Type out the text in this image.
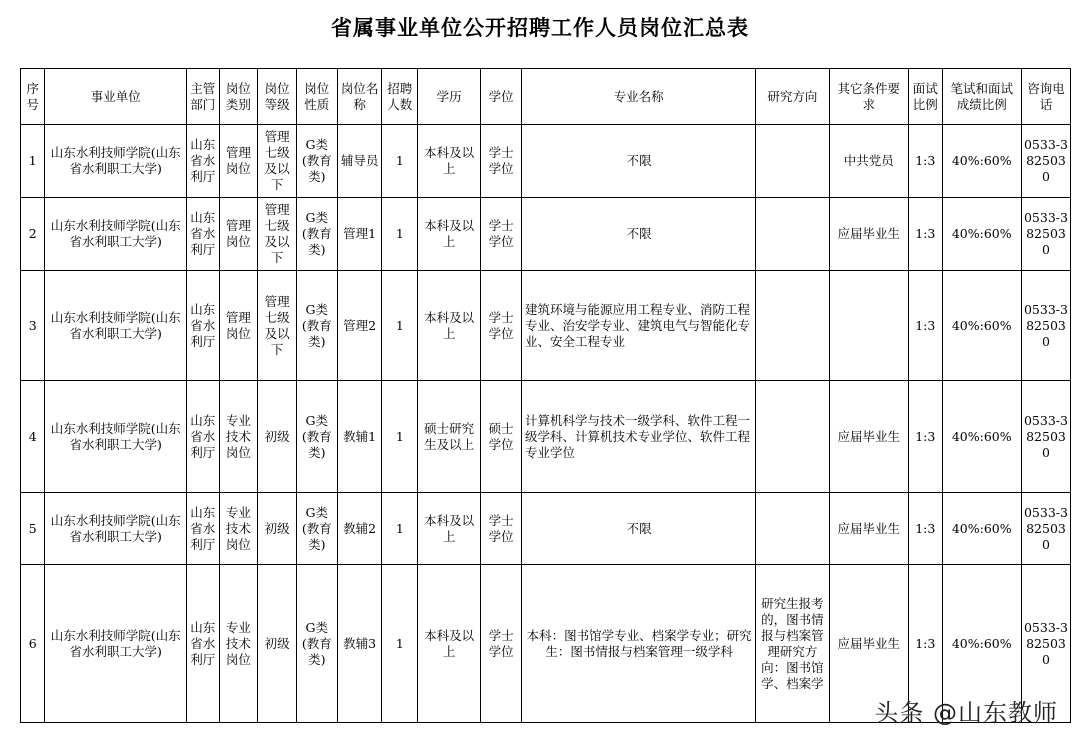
省属事业单位公开招聘工作人员岗位汇总表
序号	事业单位	主管部门	岗位类别	岗位等级	岗位性质	岗位名称	招聘人数	学历	学位	专业名称	研究方向	其它条件要求	面试比例	笔试和面试成绩比例	咨询电话
1	山东水利技师学院(山东省水利职工大学)	山东省水利厅	管理岗位	管理七级及以下	G类(教育类)	辅导员	1	本科及以上	学士学位	不限		中共党员	1:3	40%:60%	0533-3825030
2	山东水利技师学院(山东省水利职工大学)	山东省水利厅	管理岗位	管理七级及以下	G类(教育类)	管理1	1	本科及以上	学士学位	不限		应届毕业生	1:3	40%:60%	0533-3825030
3	山东水利技师学院(山东省水利职工大学)	山东省水利厅	管理岗位	管理七级及以下	G类(教育类)	管理2	1	本科及以上	学士学位	建筑环境与能源应用工程专业、消防工程专业、治安学专业、建筑电气与智能化专业、安全工程专业			1:3	40%:60%	0533-3825030
4	山东水利技师学院(山东省水利职工大学)	山东省水利厅	专业技术岗位	初级	G类(教育类)	教辅1	1	硕士研究生及以上	硕士学位	计算机科学与技术一级学科、软件工程一级学科、计算机技术专业学位、软件工程专业学位		应届毕业生	1:3	40%:60%	0533-3825030
5	山东水利技师学院(山东省水利职工大学)	山东省水利厅	专业技术岗位	初级	G类(教育类)	教辅2	1	本科及以上	学士学位	不限		应届毕业生	1:3	40%:60%	0533-3825030
6	山东水利技师学院(山东省水利职工大学)	山东省水利厅	专业技术岗位	初级	G类(教育类)	教辅3	1	本科及以上	学士学位	本科：图书馆学专业、档案学专业；研究生：图书情报与档案管理一级学科	研究生报考的，图书情报与档案管理研究方向：图书馆学、档案学	应届毕业生	1:3	40%:60%	0533-3825030
头条 @山东教师
